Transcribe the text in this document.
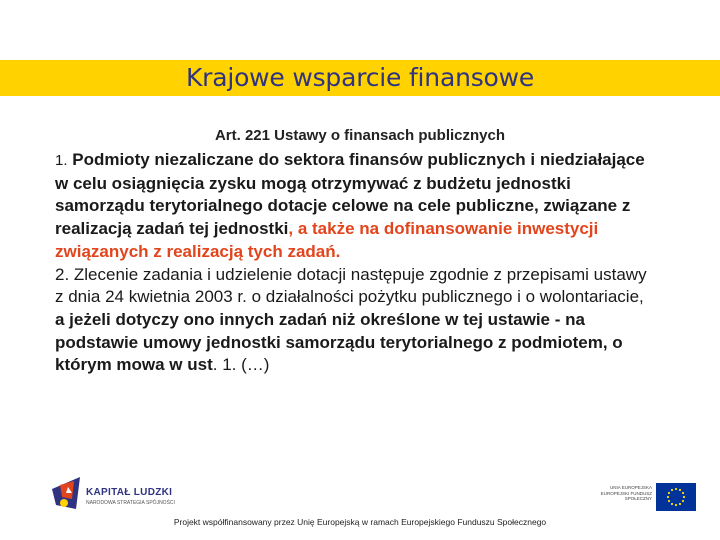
Krajowe wsparcie finansowe
Art. 221 Ustawy o finansach publicznych

1. Podmioty niezaliczane do sektora finansów publicznych i niedziałające w celu osiągnięcia zysku mogą otrzymywać z budżetu jednostki samorządu terytorialnego dotacje celowe na cele publiczne, związane z realizacją zadań tej jednostki, a także na dofinansowanie inwestycji związanych z realizacją tych zadań.

2. Zlecenie zadania i udzielenie dotacji następuje zgodnie z przepisami ustawy z dnia 24 kwietnia 2003 r. o działalności pożytku publicznego i o wolontariacie, a jeżeli dotyczy ono innych zadań niż określone w tej ustawie - na podstawie umowy jednostki samorządu terytorialnego z podmiotem, o którym mowa w ust. 1. (…)

KAPITAŁ LUDZKI
NARODOWA STRATEGIA SPÓJNOŚCI
UNIA EUROPEJSKA EUROPEJSKI FUNDUSZ SPOŁECZNY
Projekt współfinansowany przez Unię Europejską w ramach Europejskiego Funduszu Społecznego
